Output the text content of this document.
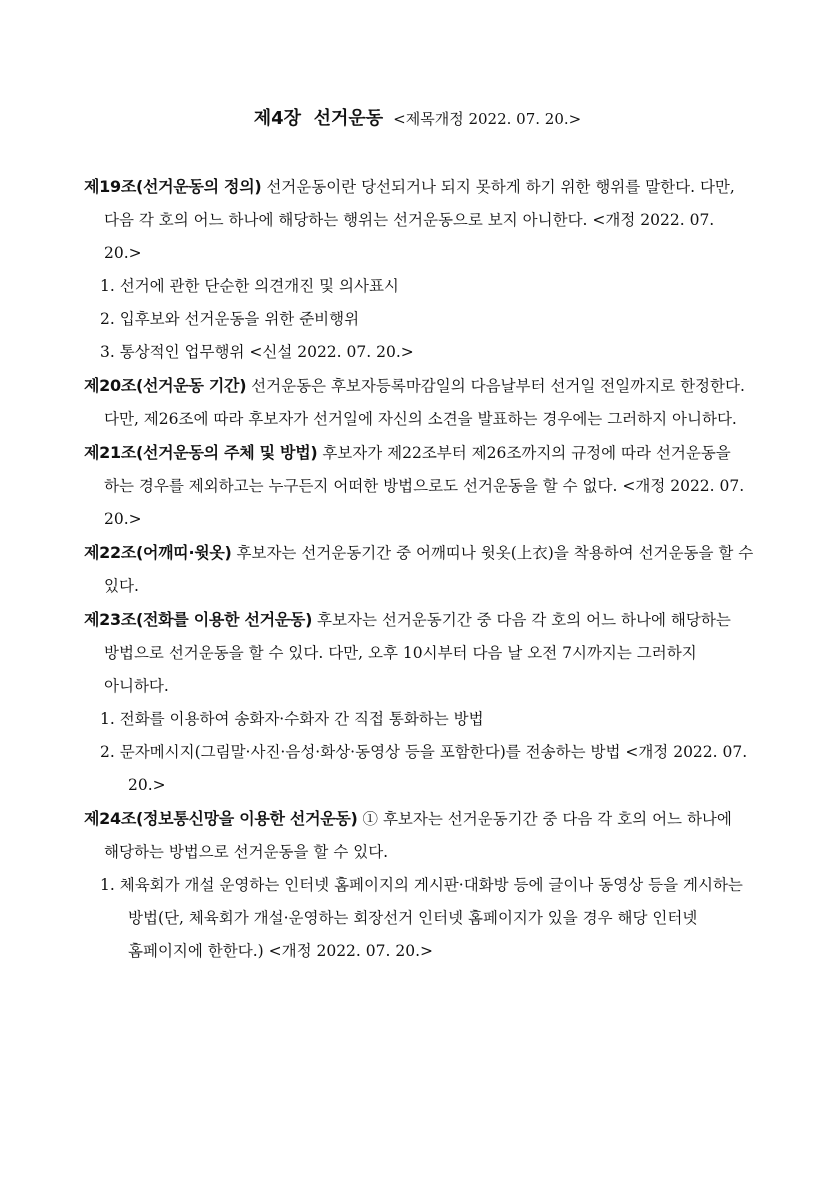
제4장  선거운동 <제목개정 2022. 07. 20.>

제19조(선거운동의 정의) 선거운동이란 당선되거나 되지 못하게 하기 위한 행위를 말한다. 다만, 다음 각 호의 어느 하나에 해당하는 행위는 선거운동으로 보지 아니한다. <개정 2022. 07. 20.>

1. 선거에 관한 단순한 의견개진 및 의사표시

2. 입후보와 선거운동을 위한 준비행위

3. 통상적인 업무행위 <신설 2022. 07. 20.>

제20조(선거운동 기간) 선거운동은 후보자등록마감일의 다음날부터 선거일 전일까지로 한정한다. 다만, 제26조에 따라 후보자가 선거일에 자신의 소견을 발표하는 경우에는 그러하지 아니하다.

제21조(선거운동의 주체 및 방법) 후보자가 제22조부터 제26조까지의 규정에 따라 선거운동을 하는 경우를 제외하고는 누구든지 어떠한 방법으로도 선거운동을 할 수 없다. <개정 2022. 07. 20.>

제22조(어깨띠·윗옷) 후보자는 선거운동기간 중 어깨띠나 윗옷(上衣)을 착용하여 선거운동을 할 수 있다.

제23조(전화를 이용한 선거운동) 후보자는 선거운동기간 중 다음 각 호의 어느 하나에 해당하는 방법으로 선거운동을 할 수 있다. 다만, 오후 10시부터 다음 날 오전 7시까지는 그러하지 아니하다.

1. 전화를 이용하여 송화자·수화자 간 직접 통화하는 방법

2. 문자메시지(그림말·사진·음성·화상·동영상 등을 포함한다)를 전송하는 방법 <개정 2022. 07. 20.>

제24조(정보통신망을 이용한 선거운동) ① 후보자는 선거운동기간 중 다음 각 호의 어느 하나에 해당하는 방법으로 선거운동을 할 수 있다.

1. 체육회가 개설 운영하는 인터넷 홈페이지의 게시판·대화방 등에 글이나 동영상 등을 게시하는 방법(단, 체육회가 개설·운영하는 회장선거 인터넷 홈페이지가 있을 경우 해당 인터넷 홈페이지에 한한다.) <개정 2022. 07. 20.>
